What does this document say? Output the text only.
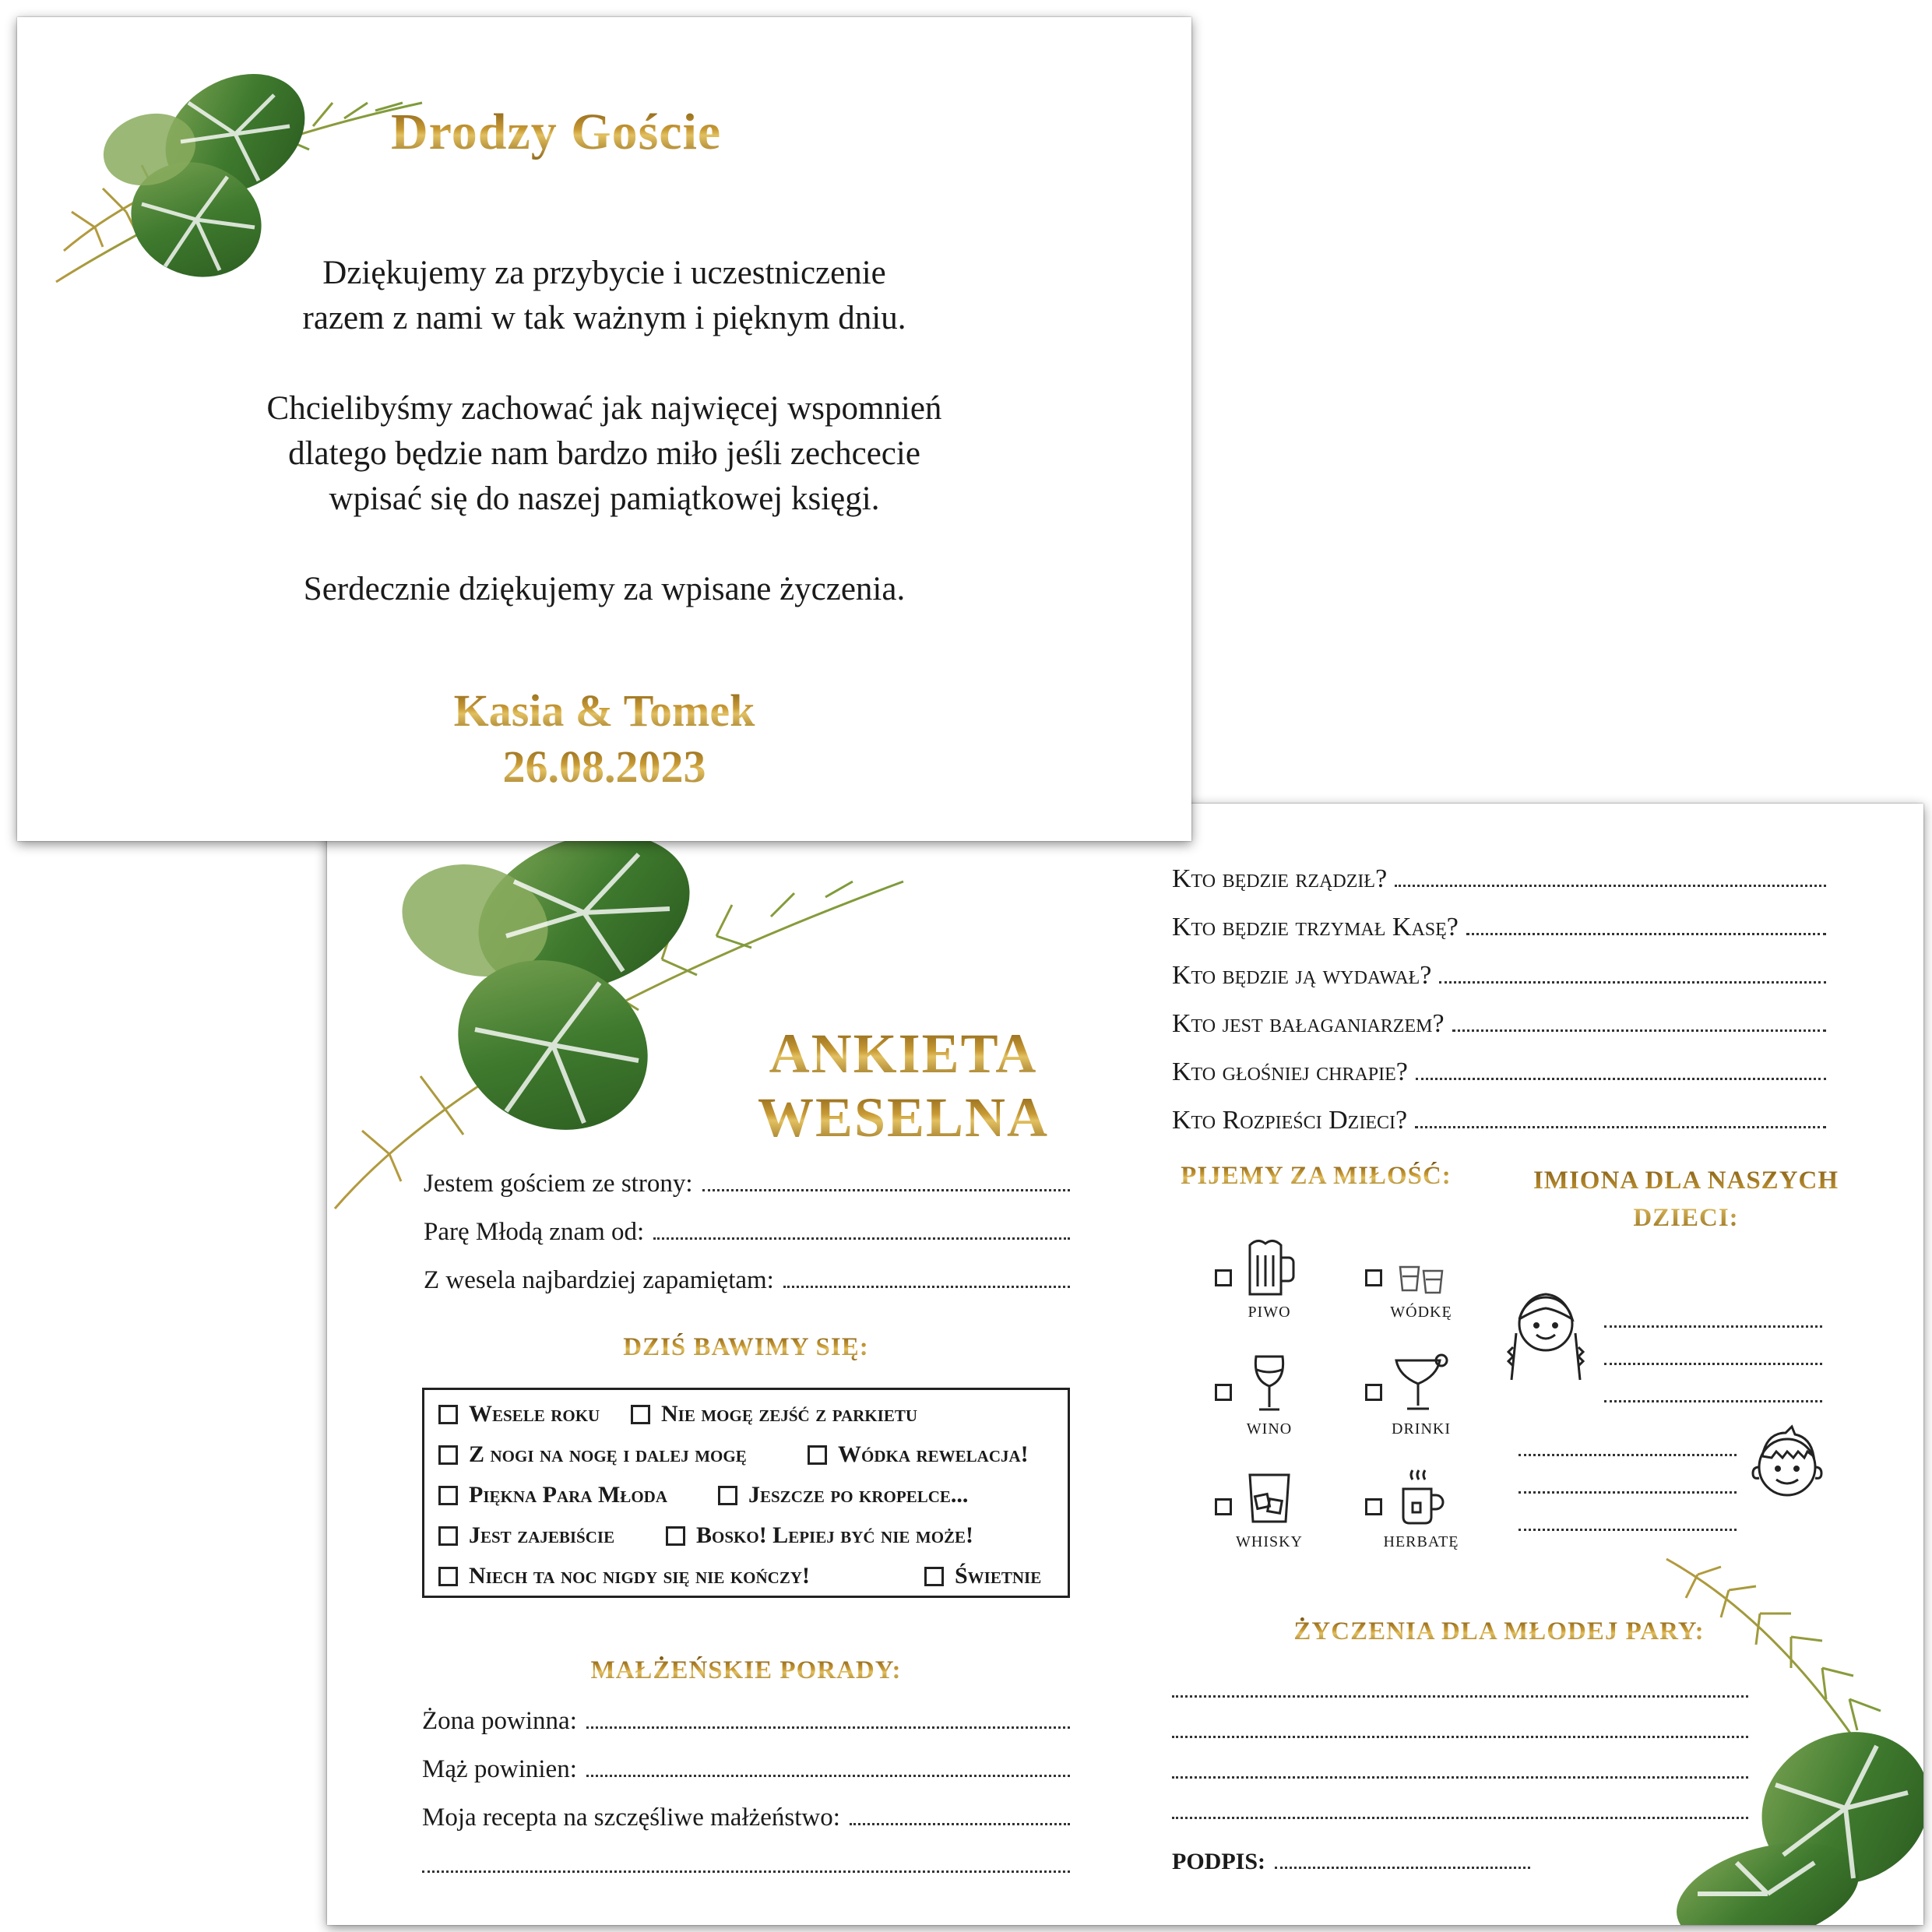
Drodzy Goście

Dziękujemy za przybycie i uczestniczenie
razem z nami w tak ważnym i pięknym dniu.

Chcielibyśmy zachować jak najwięcej wspomnień
dlatego będzie nam bardzo miło jeśli zechcecie
wpisać się do naszej pamiątkowej księgi.

Serdecznie dziękujemy za wpisane życzenia.

Kasia & Tomek
26.08.2023
ANKIETA
WESELNA
Jestem gościem ze strony:
Parę Młodą znam od:
Z wesela najbardziej zapamiętam:
DZIŚ BAWIMY SIĘ:
Wesele roku	Nie mogę zejść z parkietu
Z nogi na nogę i dalej mogę	Wódka rewelacja!
Piękna Para Młoda	Jeszcze po kropelce...
Jest zajebiście	Bosko! Lepiej być nie może!
Niech ta noc nigdy się nie kończy!	Świetnie
MAŁŻEŃSKIE PORADY:
Żona powinna:
Mąż powinien:
Moja recepta na szczęśliwe małżeństwo:
Kto będzie rządził?
Kto będzie trzymał Kasę?
Kto będzie ją wydawał?
Kto jest bałaganiarzem?
Kto głośniej chrapie?
Kto Rozpieści Dzieci?
PIJEMY ZA MIŁOŚĆ:	IMIONA DLA NASZYCH DZIECI:
PIWO	WÓDKĘ
WINO	DRINKI
WHISKY	HERBATĘ
ŻYCZENIA DLA MŁODEJ PARY:
PODPIS:
